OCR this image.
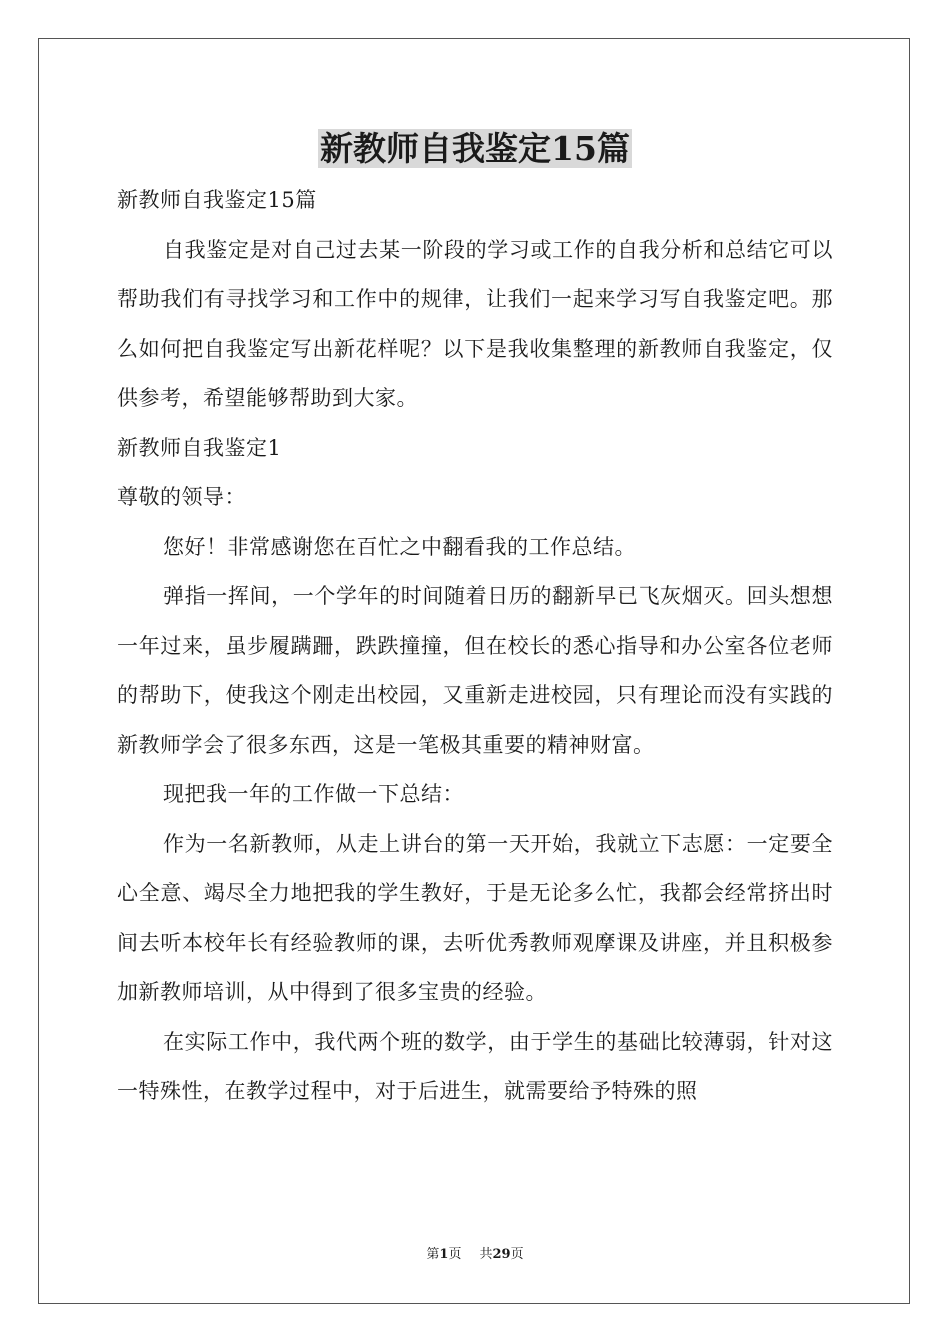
新教师自我鉴定15篇

新教师自我鉴定15篇

自我鉴定是对自己过去某一阶段的学习或工作的自我分析和总结它可以帮助我们有寻找学习和工作中的规律，让我们一起来学习写自我鉴定吧。那么如何把自我鉴定写出新花样呢？以下是我收集整理的新教师自我鉴定，仅供参考，希望能够帮助到大家。

新教师自我鉴定1

尊敬的领导：

您好！非常感谢您在百忙之中翻看我的工作总结。

弹指一挥间，一个学年的时间随着日历的翻新早已飞灰烟灭。回头想想一年过来，虽步履蹒跚，跌跌撞撞，但在校长的悉心指导和办公室各位老师的帮助下，使我这个刚走出校园，又重新走进校园，只有理论而没有实践的新教师学会了很多东西，这是一笔极其重要的精神财富。

现把我一年的工作做一下总结：

作为一名新教师，从走上讲台的第一天开始，我就立下志愿：一定要全心全意、竭尽全力地把我的学生教好，于是无论多么忙，我都会经常挤出时间去听本校年长有经验教师的课，去听优秀教师观摩课及讲座，并且积极参加新教师培训，从中得到了很多宝贵的经验。

在实际工作中，我代两个班的数学，由于学生的基础比较薄弱，针对这一特殊性，在教学过程中，对于后进生，就需要给予特殊的照

第1页 共29页
